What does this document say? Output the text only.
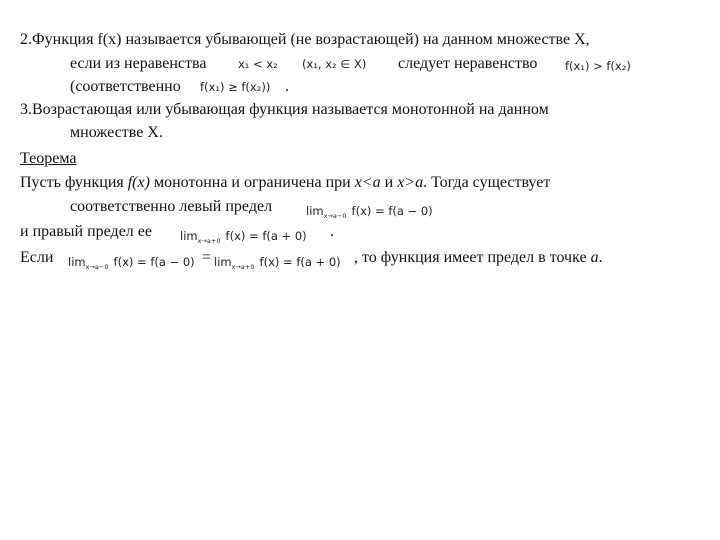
2.Функция f(x) называется убывающей (не возрастающей) на данном множестве X,
если из неравенства	x₁ < x₂ (x₁, x₂ ∈ X) следует неравенство f(x₁) > f(x₂)
(соответственно f(x₁) ≥ f(x₂)) .
3.Возрастающая или убывающая функция называется монотонной на данном
множестве X.
Теорема
Пусть функция f(x) монотонна и ограничена при x<a и x>a. Тогда существует
соответственно левый предел	limx→a−0 f(x) = f(a − 0)
и правый предел ее limx→a+0 f(x) = f(a + 0) .
Если limx→a−0 f(x) = f(a − 0) = limx→a+0 f(x) = f(a + 0) , то функция имеет предел в точке a.
